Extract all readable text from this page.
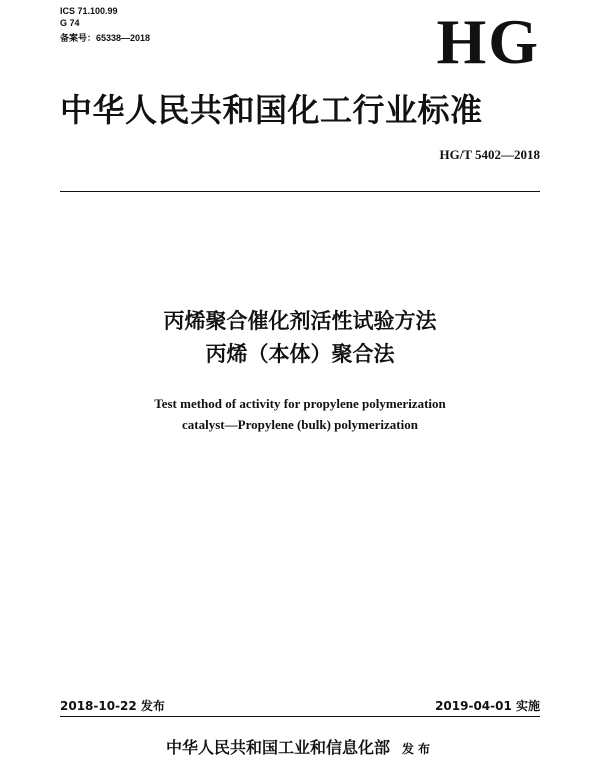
ICS 71.100.99
G 74
备案号：65338—2018	HG
中华人民共和国化工行业标准
HG/T 5402—2018
丙烯聚合催化剂活性试验方法
丙烯（本体）聚合法
Test method of activity for propylene polymerization
catalyst—Propylene (bulk) polymerization
2018-10-22 发布	2019-04-01 实施
中华人民共和国工业和信息化部 发布
